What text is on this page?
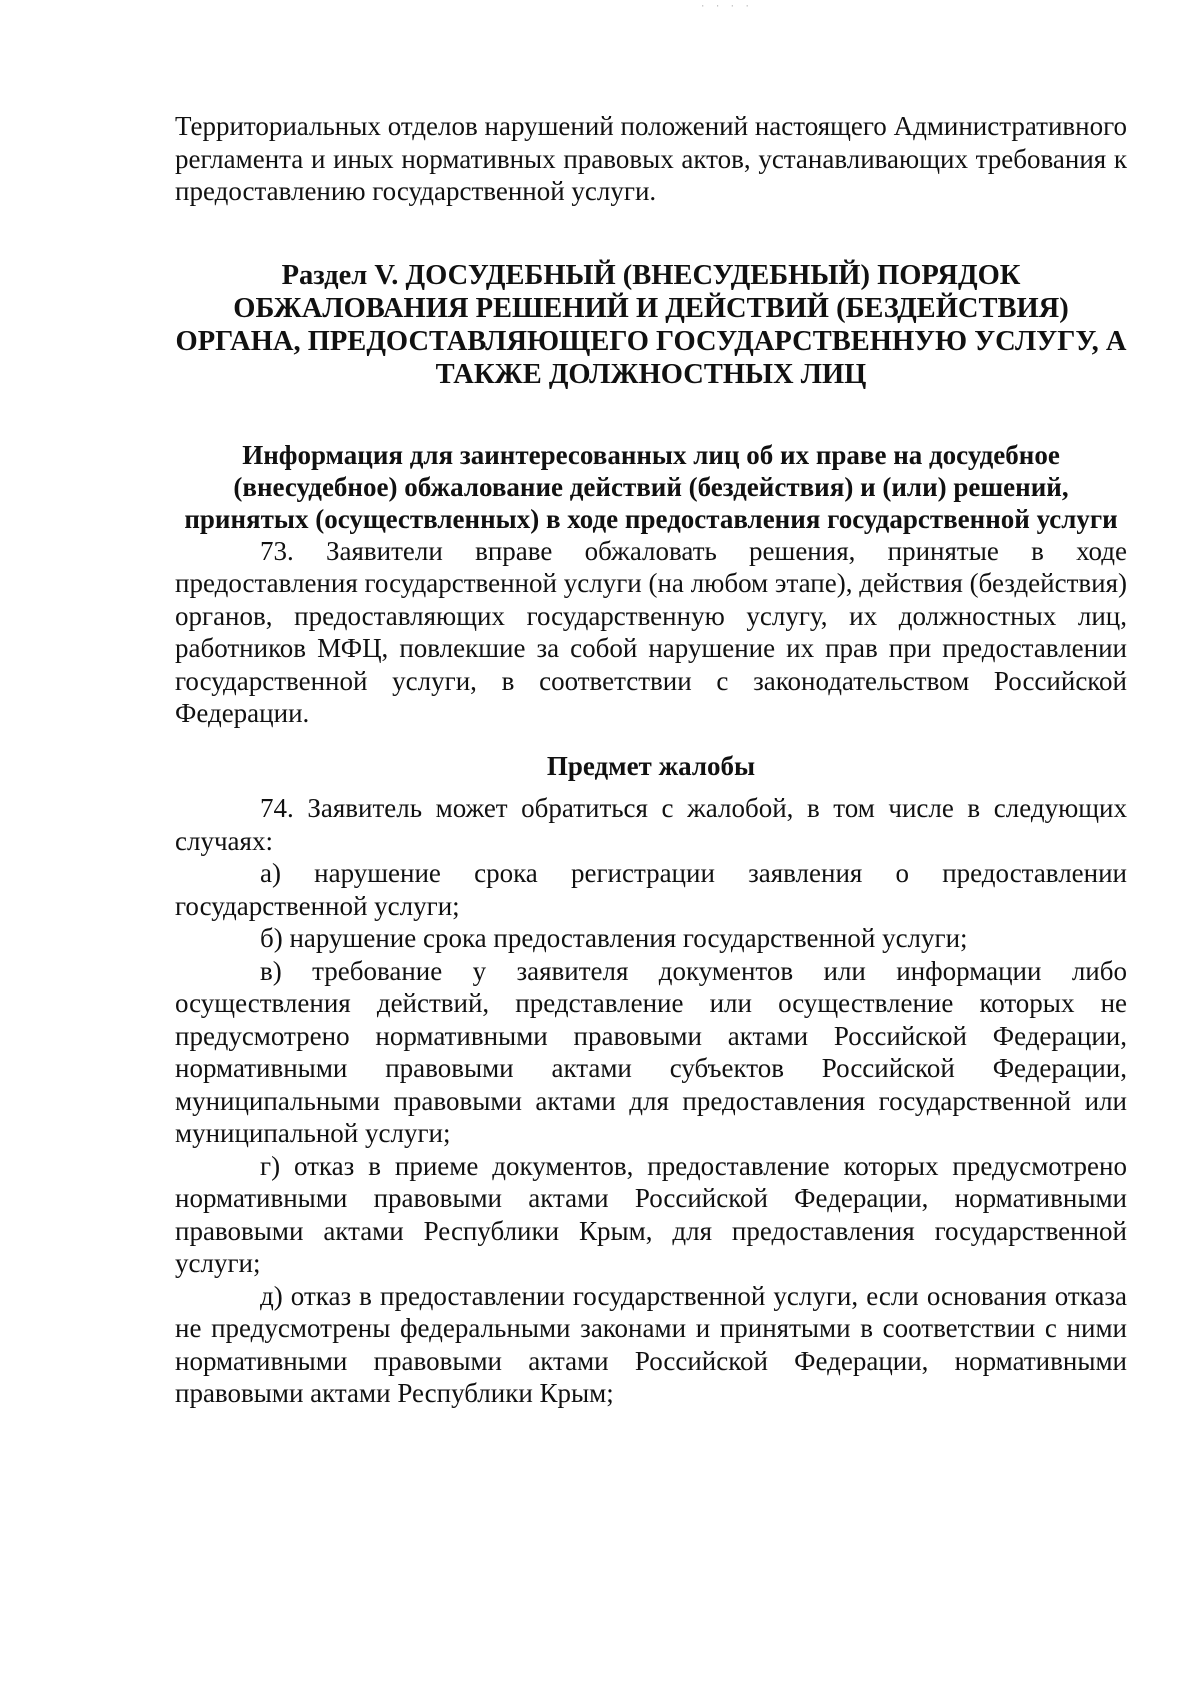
· · · ·

Территориальных отделов нарушений положений настоящего Административного регламента и иных нормативных правовых актов, устанавливающих требования к предоставлению государственной услуги.

Раздел V. ДОСУДЕБНЫЙ (ВНЕСУДЕБНЫЙ) ПОРЯДОК ОБЖАЛОВАНИЯ РЕШЕНИЙ И ДЕЙСТВИЙ (БЕЗДЕЙСТВИЯ) ОРГАНА, ПРЕДОСТАВЛЯЮЩЕГО ГОСУДАРСТВЕННУЮ УСЛУГУ, А ТАКЖЕ ДОЛЖНОСТНЫХ ЛИЦ
Информация для заинтересованных лиц об их праве на досудебное (внесудебное) обжалование действий (бездействия) и (или) решений, принятых (осуществленных) в ходе предоставления государственной услуги

73. Заявители вправе обжаловать решения, принятые в ходе предоставления государственной услуги (на любом этапе), действия (бездействия) органов, предоставляющих государственную услугу, их должностных лиц, работников МФЦ, повлекшие за собой нарушение их прав при предоставлении государственной услуги, в соответствии с законодательством Российской Федерации.

Предмет жалобы

74. Заявитель может обратиться с жалобой, в том числе в следующих случаях:

а) нарушение срока регистрации заявления о предоставлении государственной услуги;

б) нарушение срока предоставления государственной услуги;

в) требование у заявителя документов или информации либо осуществления действий, представление или осуществление которых не предусмотрено нормативными правовыми актами Российской Федерации, нормативными правовыми актами субъектов Российской Федерации, муниципальными правовыми актами для предоставления государственной или муниципальной услуги;

г) отказ в приеме документов, предоставление которых предусмотрено нормативными правовыми актами Российской Федерации, нормативными правовыми актами Республики Крым, для предоставления государственной услуги;

д) отказ в предоставлении государственной услуги, если основания отказа не предусмотрены федеральными законами и принятыми в соответствии с ними нормативными правовыми актами Российской Федерации, нормативными правовыми актами Республики Крым;
